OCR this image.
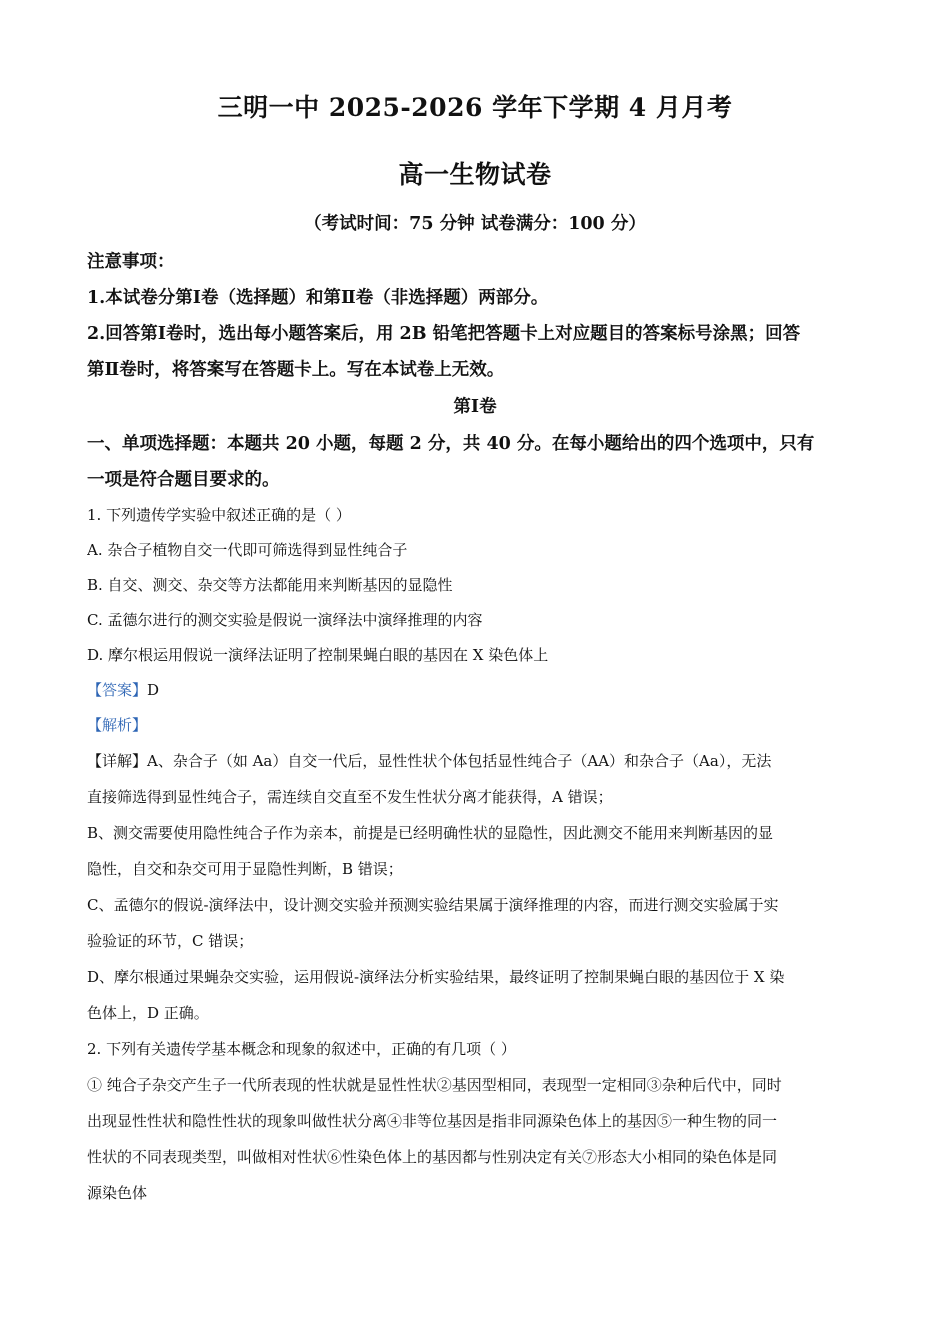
三明一中 2025-2026 学年下学期 4 月月考
高一生物试卷
（考试时间：75 分钟 试卷满分：100 分）
注意事项：
1.本试卷分第Ⅰ卷（选择题）和第Ⅱ卷（非选择题）两部分。
2.回答第Ⅰ卷时，选出每小题答案后，用 2B 铅笔把答题卡上对应题目的答案标号涂黑；回答
第Ⅱ卷时，将答案写在答题卡上。写在本试卷上无效。
第Ⅰ卷
一、单项选择题：本题共 20 小题，每题 2 分，共 40 分。在每小题给出的四个选项中，只有
一项是符合题目要求的。
1. 下列遗传学实验中叙述正确的是（ ）
A. 杂合子植物自交一代即可筛选得到显性纯合子
B. 自交、测交、杂交等方法都能用来判断基因的显隐性
C. 孟德尔进行的测交实验是假说一演绎法中演绎推理的内容
D. 摩尔根运用假说一演绎法证明了控制果蝇白眼的基因在 X 染色体上
【答案】D
【解析】
【详解】A、杂合子（如 Aa）自交一代后，显性性状个体包括显性纯合子（AA）和杂合子（Aa），无法
直接筛选得到显性纯合子，需连续自交直至不发生性状分离才能获得，A 错误；
B、测交需要使用隐性纯合子作为亲本，前提是已经明确性状的显隐性，因此测交不能用来判断基因的显
隐性，自交和杂交可用于显隐性判断，B 错误；
C、孟德尔的假说-演绎法中，设计测交实验并预测实验结果属于演绎推理的内容，而进行测交实验属于实
验验证的环节，C 错误；
D、摩尔根通过果蝇杂交实验，运用假说-演绎法分析实验结果，最终证明了控制果蝇白眼的基因位于 X 染
色体上，D 正确。
2. 下列有关遗传学基本概念和现象的叙述中，正确的有几项（ ）
① 纯合子杂交产生子一代所表现的性状就是显性性状②基因型相同，表现型一定相同③杂种后代中，同时
出现显性性状和隐性性状的现象叫做性状分离④非等位基因是指非同源染色体上的基因⑤一种生物的同一
性状的不同表现类型，叫做相对性状⑥性染色体上的基因都与性别决定有关⑦形态大小相同的染色体是同
源染色体
